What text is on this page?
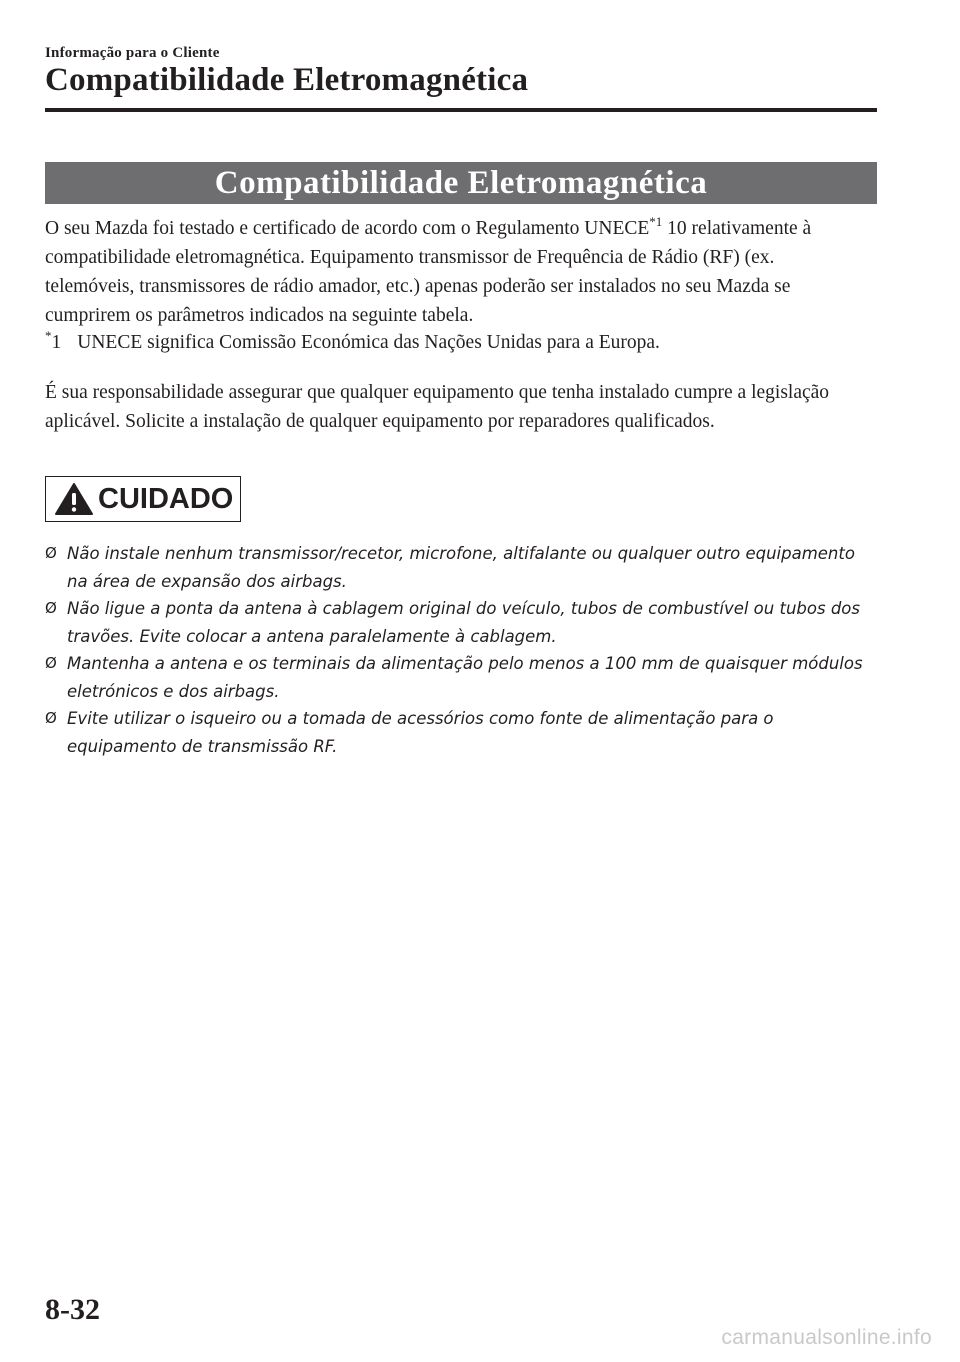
Informação para o Cliente
Compatibilidade Eletromagnética
Compatibilidade Eletromagnética
O seu Mazda foi testado e certificado de acordo com o Regulamento UNECE$^{*1}$ 10 relativamente à compatibilidade eletromagnética. Equipamento transmissor de Frequência de Rádio (RF) (ex. telemóveis, transmissores de rádio amador, etc.) apenas poderão ser instalados no seu Mazda se cumprirem os parâmetros indicados na seguinte tabela.
*1 UNECE significa Comissão Económica das Nações Unidas para a Europa.
É sua responsabilidade assegurar que qualquer equipamento que tenha instalado cumpre a legislação aplicável. Solicite a instalação de qualquer equipamento por reparadores qualificados.
CUIDADO
Ø Não instale nenhum transmissor/recetor, microfone, altifalante ou qualquer outro equipamento na área de expansão dos airbags.
Ø Não ligue a ponta da antena à cablagem original do veículo, tubos de combustível ou tubos dos travões. Evite colocar a antena paralelamente à cablagem.
Ø Mantenha a antena e os terminais da alimentação pelo menos a 100 mm de quaisquer módulos eletrónicos e dos airbags.
Ø Evite utilizar o isqueiro ou a tomada de acessórios como fonte de alimentação para o equipamento de transmissão RF.
8-32
carmanualsonline.info
